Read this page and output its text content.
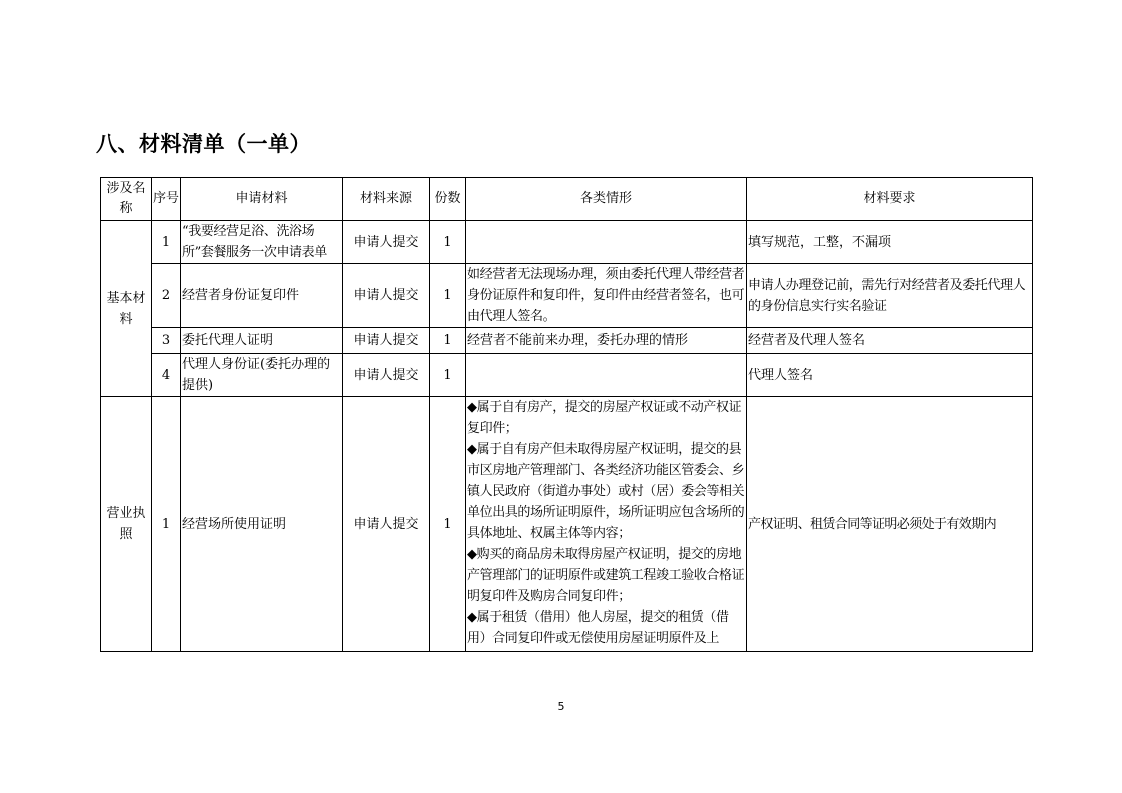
八、材料清单（一单）
涉及名称	序号	申请材料	材料来源	份数	各类情形	材料要求
基本材料	1	“我要经营足浴、洗浴场所”套餐服务一次申请表单	申请人提交	1		填写规范，工整，不漏项
	2	经营者身份证复印件	申请人提交	1	如经营者无法现场办理，须由委托代理人带经营者身份证原件和复印件，复印件由经营者签名，也可由代理人签名。	申请人办理登记前，需先行对经营者及委托代理人的身份信息实行实名验证
	3	委托代理人证明	申请人提交	1	经营者不能前来办理，委托办理的情形	经营者及代理人签名
	4	代理人身份证(委托办理的提供)	申请人提交	1		代理人签名
营业执照	1	经营场所使用证明	申请人提交	1	◆属于自有房产，提交的房屋产权证或不动产权证复印件；
◆属于自有房产但未取得房屋产权证明，提交的县市区房地产管理部门、各类经济功能区管委会、乡镇人民政府（街道办事处）或村（居）委会等相关单位出具的场所证明原件，场所证明应包含场所的具体地址、权属主体等内容；
◆购买的商品房未取得房屋产权证明，提交的房地产管理部门的证明原件或建筑工程竣工验收合格证明复印件及购房合同复印件；
◆属于租赁（借用）他人房屋，提交的租赁（借用）合同复印件或无偿使用房屋证明原件及上	产权证明、租赁合同等证明必须处于有效期内
5
